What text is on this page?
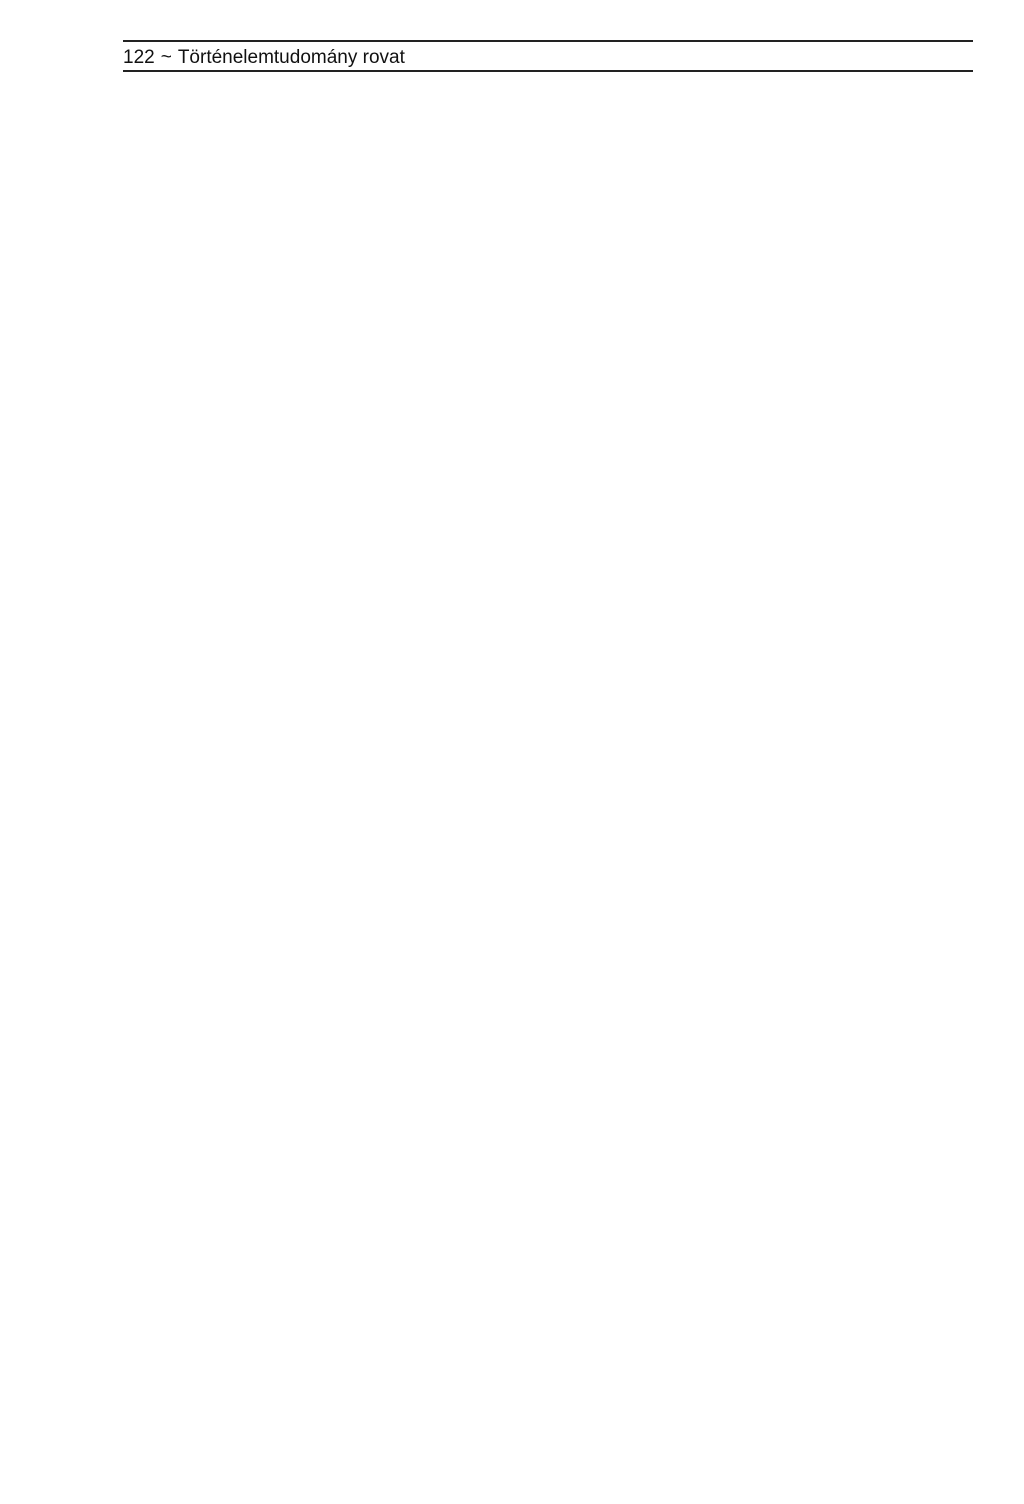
122 ~ Történelemtudomány rovat
